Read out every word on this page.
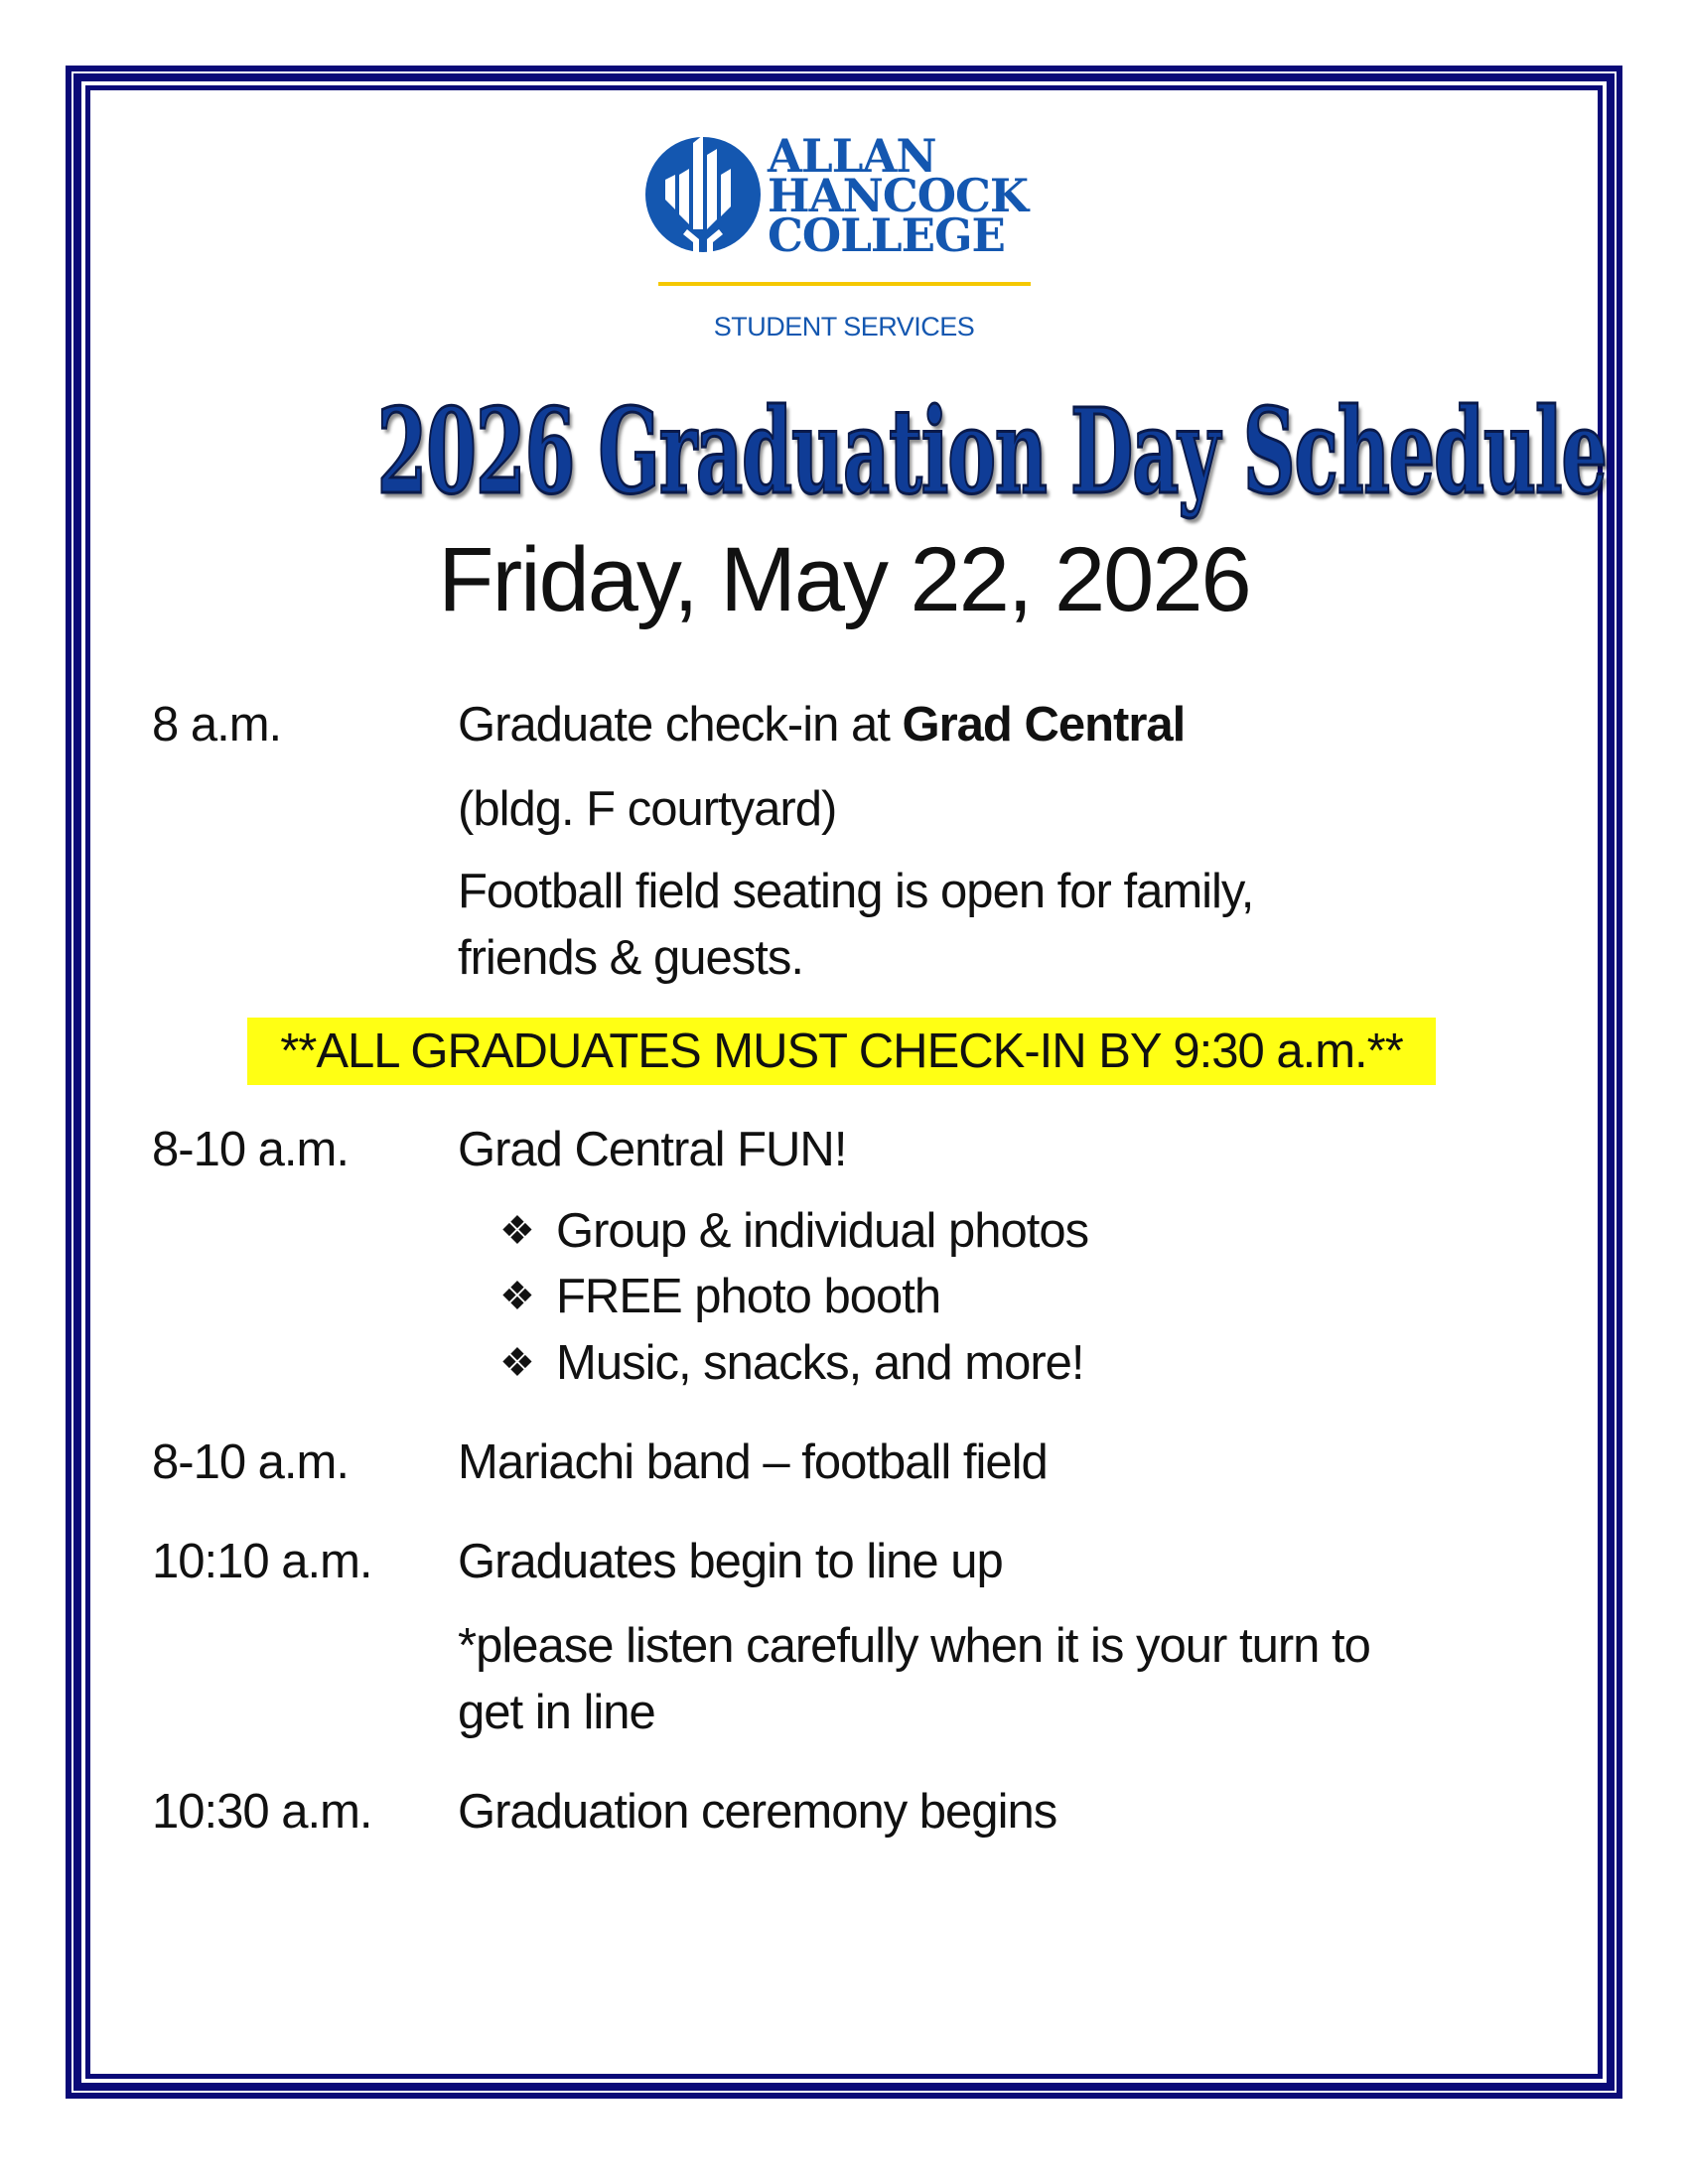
ALLAN
HANCOCK
COLLEGE
STUDENT SERVICES
2026 Graduation Day Schedule
Friday, May 22, 2026
8 a.m.	Graduate check-in at Grad Central
(bldg. F courtyard)
Football field seating is open for family,
friends & guests.
**ALL GRADUATES MUST CHECK-IN BY 9:30 a.m.**
8-10 a.m. Grad Central FUN!
❖ Group & individual photos
❖ FREE photo booth
❖ Music, snacks, and more!
8-10 a.m. Mariachi band – football field
10:10 a.m. Graduates begin to line up
*please listen carefully when it is your turn to
get in line
10:30 a.m. Graduation ceremony begins
